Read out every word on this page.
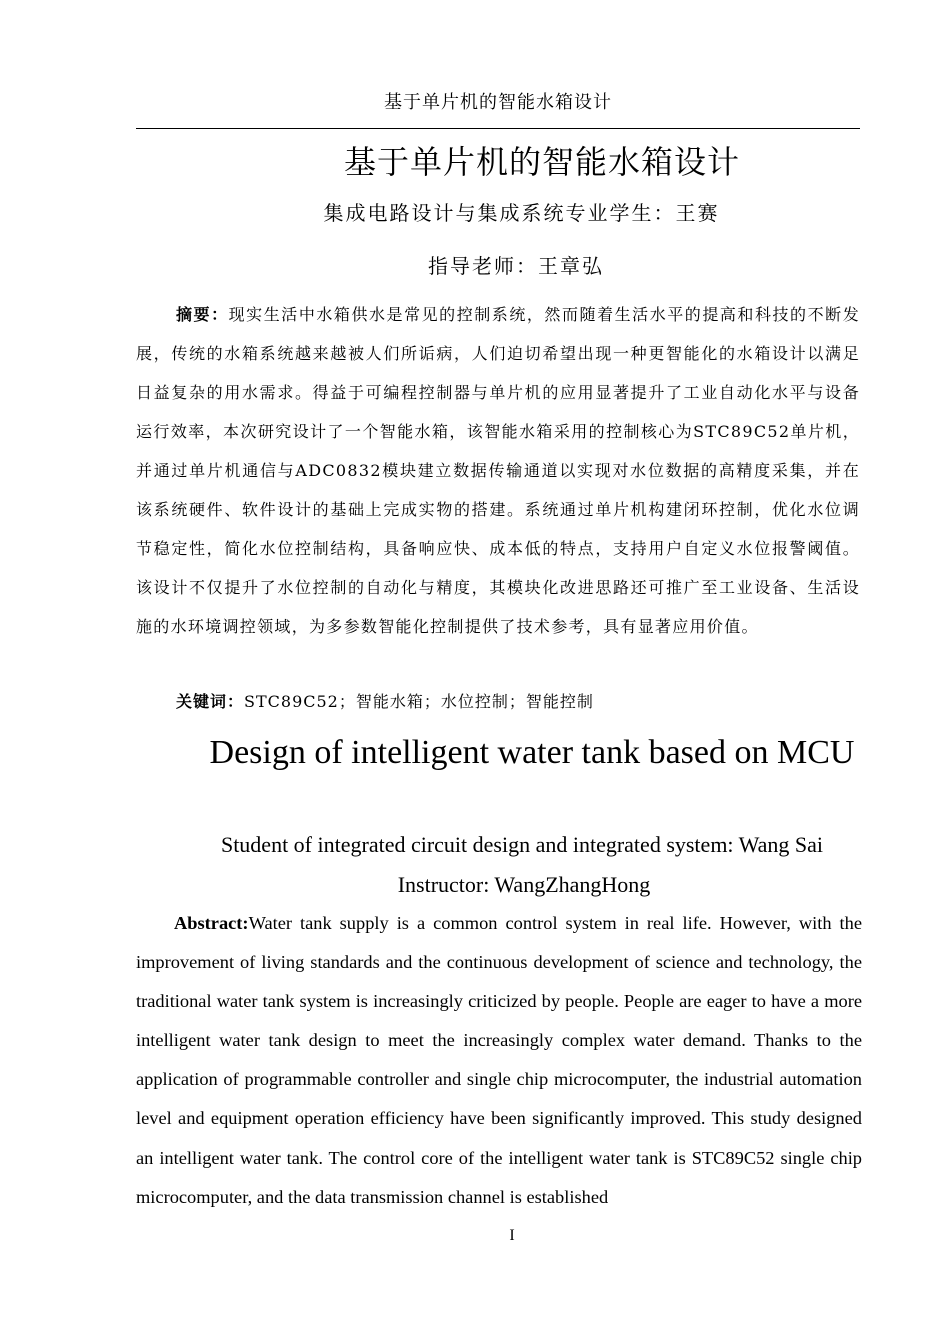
基于单片机的智能水箱设计
基于单片机的智能水箱设计
集成电路设计与集成系统专业学生：王赛
指导老师：王章弘
摘要：现实生活中水箱供水是常见的控制系统，然而随着生活水平的提高和科技的不断发展，传统的水箱系统越来越被人们所诟病，人们迫切希望出现一种更智能化的水箱设计以满足日益复杂的用水需求。得益于可编程控制器与单片机的应用显著提升了工业自动化水平与设备运行效率，本次研究设计了一个智能水箱，该智能水箱采用的控制核心为STC89C52单片机，并通过单片机通信与ADC0832模块建立数据传输通道以实现对水位数据的高精度采集，并在该系统硬件、软件设计的基础上完成实物的搭建。系统通过单片机构建闭环控制，优化水位调节稳定性，简化水位控制结构，具备响应快、成本低的特点，支持用户自定义水位报警阈值。该设计不仅提升了水位控制的自动化与精度，其模块化改进思路还可推广至工业设备、生活设施的水环境调控领域，为多参数智能化控制提供了技术参考，具有显著应用价值。
关键词：STC89C52；智能水箱；水位控制；智能控制
Design of intelligent water tank based on MCU
Student of integrated circuit design and integrated system: Wang Sai
Instructor: WangZhangHong
Abstract:Water tank supply is a common control system in real life. However, with the improvement of living standards and the continuous development of science and technology, the traditional water tank system is increasingly criticized by people. People are eager to have a more intelligent water tank design to meet the increasingly complex water demand. Thanks to the application of programmable controller and single chip microcomputer, the industrial automation level and equipment operation efficiency have been significantly improved. This study designed an intelligent water tank. The control core of the intelligent water tank is STC89C52 single chip microcomputer, and the data transmission channel is established
I
